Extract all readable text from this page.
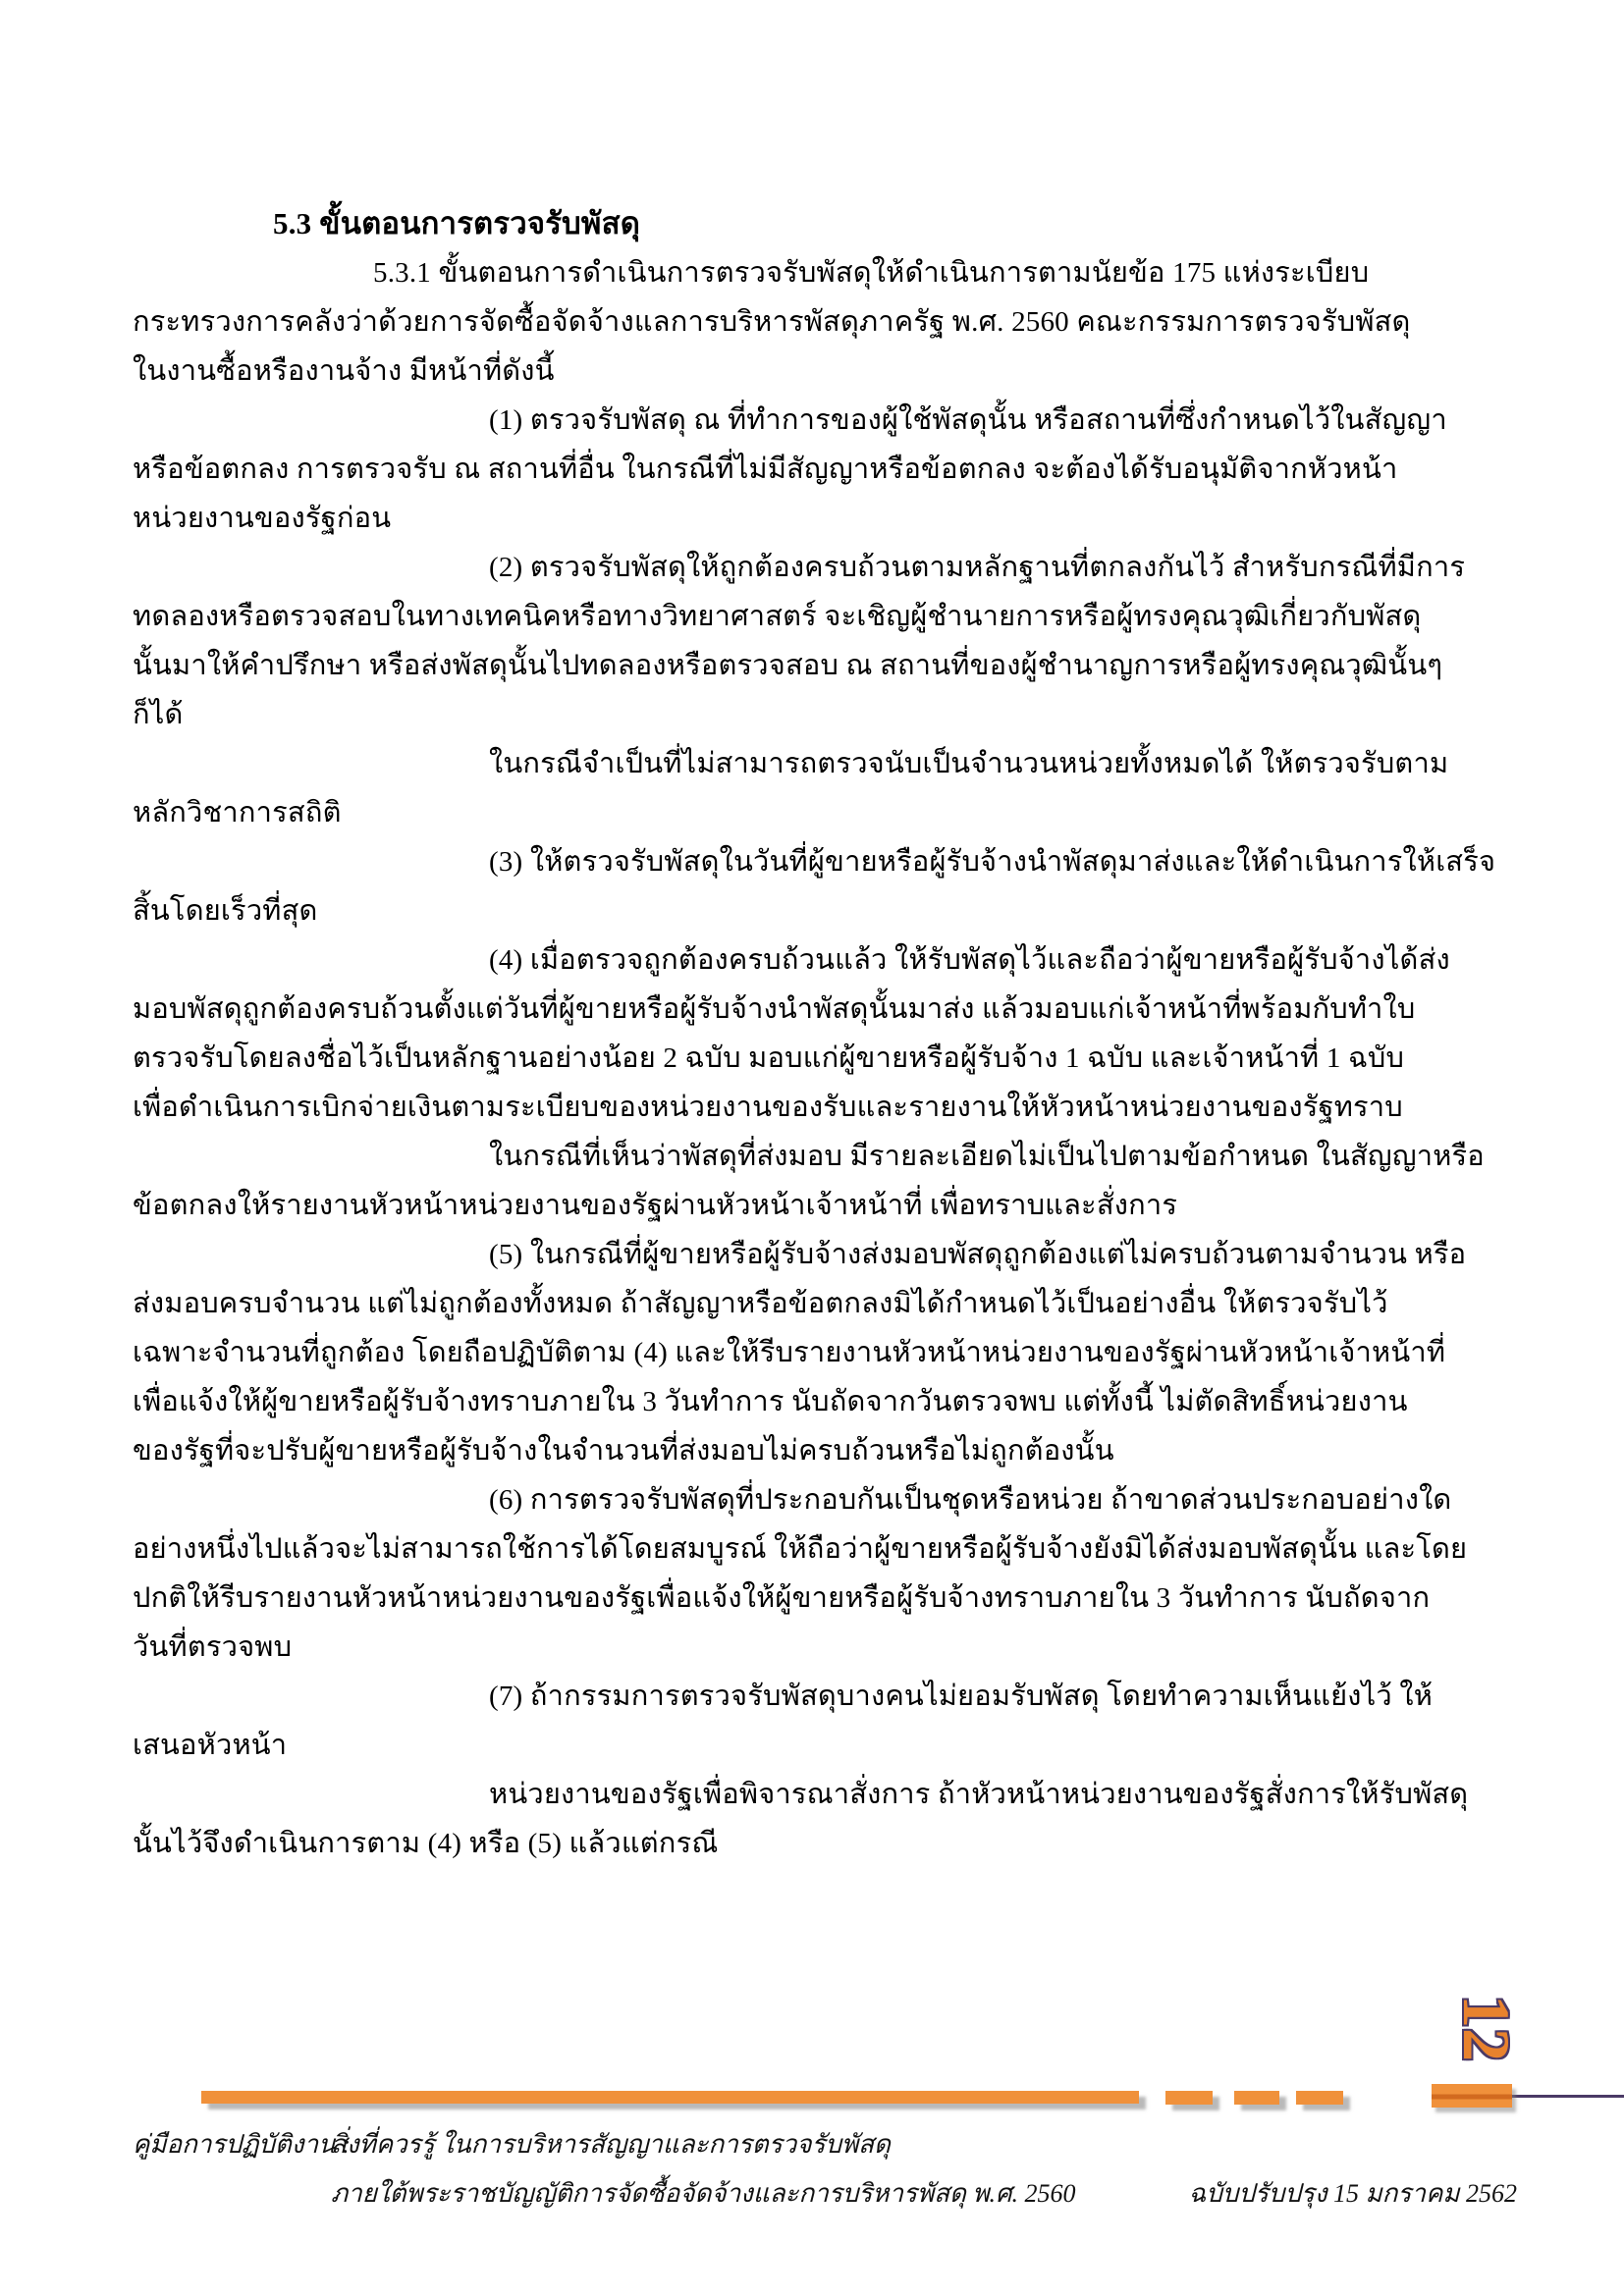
5.3 ขั้นตอนการตรวจรับพัสดุ
5.3.1 ขั้นตอนการดำเนินการตรวจรับพัสดุให้ดำเนินการตามนัยข้อ 175 แห่งระเบียบ
กระทรวงการคลังว่าด้วยการจัดซื้อจัดจ้างแลการบริหารพัสดุภาครัฐ พ.ศ. 2560 คณะกรรมการตรวจรับพัสดุ
ในงานซื้อหรืองานจ้าง มีหน้าที่ดังนี้
(1) ตรวจรับพัสดุ ณ ที่ทำการของผู้ใช้พัสดุนั้น หรือสถานที่ซึ่งกำหนดไว้ในสัญญา
หรือข้อตกลง การตรวจรับ ณ สถานที่อื่น ในกรณีที่ไม่มีสัญญาหรือข้อตกลง จะต้องได้รับอนุมัติจากหัวหน้า
หน่วยงานของรัฐก่อน
(2) ตรวจรับพัสดุให้ถูกต้องครบถ้วนตามหลักฐานที่ตกลงกันไว้ สำหรับกรณีที่มีการ
ทดลองหรือตรวจสอบในทางเทคนิคหรือทางวิทยาศาสตร์ จะเชิญผู้ชำนายการหรือผู้ทรงคุณวุฒิเกี่ยวกับพัสดุ
นั้นมาให้คำปรึกษา หรือส่งพัสดุนั้นไปทดลองหรือตรวจสอบ ณ สถานที่ของผู้ชำนาญการหรือผู้ทรงคุณวุฒินั้นๆ
ก็ได้
ในกรณีจำเป็นที่ไม่สามารถตรวจนับเป็นจำนวนหน่วยทั้งหมดได้ ให้ตรวจรับตาม
หลักวิชาการสถิติ
(3) ให้ตรวจรับพัสดุในวันที่ผู้ขายหรือผู้รับจ้างนำพัสดุมาส่งและให้ดำเนินการให้เสร็จ
สิ้นโดยเร็วที่สุด
(4) เมื่อตรวจถูกต้องครบถ้วนแล้ว ให้รับพัสดุไว้และถือว่าผู้ขายหรือผู้รับจ้างได้ส่ง
มอบพัสดุถูกต้องครบถ้วนตั้งแต่วันที่ผู้ขายหรือผู้รับจ้างนำพัสดุนั้นมาส่ง แล้วมอบแก่เจ้าหน้าที่พร้อมกับทำใบ
ตรวจรับโดยลงชื่อไว้เป็นหลักฐานอย่างน้อย 2 ฉบับ มอบแก่ผู้ขายหรือผู้รับจ้าง 1 ฉบับ และเจ้าหน้าที่ 1 ฉบับ
เพื่อดำเนินการเบิกจ่ายเงินตามระเบียบของหน่วยงานของรับและรายงานให้หัวหน้าหน่วยงานของรัฐทราบ
ในกรณีที่เห็นว่าพัสดุที่ส่งมอบ มีรายละเอียดไม่เป็นไปตามข้อกำหนด ในสัญญาหรือ
ข้อตกลงให้รายงานหัวหน้าหน่วยงานของรัฐผ่านหัวหน้าเจ้าหน้าที่ เพื่อทราบและสั่งการ
(5) ในกรณีที่ผู้ขายหรือผู้รับจ้างส่งมอบพัสดุถูกต้องแต่ไม่ครบถ้วนตามจำนวน หรือ
ส่งมอบครบจำนวน แต่ไม่ถูกต้องทั้งหมด ถ้าสัญญาหรือข้อตกลงมิได้กำหนดไว้เป็นอย่างอื่น ให้ตรวจรับไว้
เฉพาะจำนวนที่ถูกต้อง โดยถือปฏิบัติตาม (4) และให้รีบรายงานหัวหน้าหน่วยงานของรัฐผ่านหัวหน้าเจ้าหน้าที่
เพื่อแจ้งให้ผู้ขายหรือผู้รับจ้างทราบภายใน 3 วันทำการ นับถัดจากวันตรวจพบ แต่ทั้งนี้ ไม่ตัดสิทธิ์หน่วยงาน
ของรัฐที่จะปรับผู้ขายหรือผู้รับจ้างในจำนวนที่ส่งมอบไม่ครบถ้วนหรือไม่ถูกต้องนั้น
(6) การตรวจรับพัสดุที่ประกอบกันเป็นชุดหรือหน่วย ถ้าขาดส่วนประกอบอย่างใด
อย่างหนึ่งไปแล้วจะไม่สามารถใช้การได้โดยสมบูรณ์ ให้ถือว่าผู้ขายหรือผู้รับจ้างยังมิได้ส่งมอบพัสดุนั้น และโดย
ปกติให้รีบรายงานหัวหน้าหน่วยงานของรัฐเพื่อแจ้งให้ผู้ขายหรือผู้รับจ้างทราบภายใน 3 วันทำการ นับถัดจาก
วันที่ตรวจพบ
(7) ถ้ากรรมการตรวจรับพัสดุบางคนไม่ยอมรับพัสดุ โดยทำความเห็นแย้งไว้ ให้
เสนอหัวหน้า
หน่วยงานของรัฐเพื่อพิจารณาสั่งการ ถ้าหัวหน้าหน่วยงานของรัฐสั่งการให้รับพัสดุ
นั้นไว้จึงดำเนินการตาม (4) หรือ (5) แล้วแต่กรณี
12
คู่มือการปฏิบัติงาน :
สิ่งที่ควรรู้ ในการบริหารสัญญาและการตรวจรับพัสดุ
ภายใต้พระราชบัญญัติการจัดซื้อจัดจ้างและการบริหารพัสดุ พ.ศ. 2560	ฉบับปรับปรุง 15 มกราคม 2562
